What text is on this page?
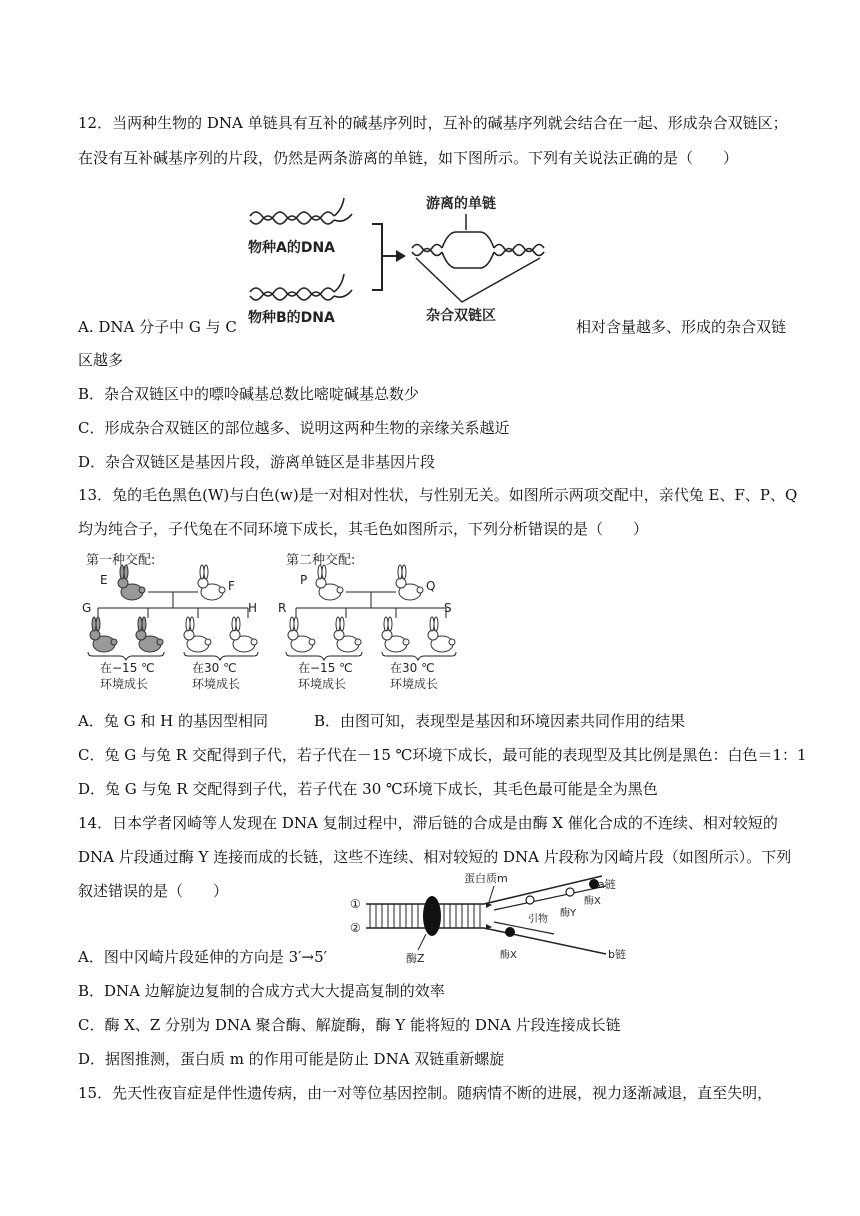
12．当两种生物的 DNA 单链具有互补的碱基序列时，互补的碱基序列就会结合在一起、形成杂合双链区；
在没有互补碱基序列的片段，仍然是两条游离的单链，如下图所示。下列有关说法正确的是（　　）
物种A的DNA
物种B的DNA
游离的单链
杂合双链区
A. DNA 分子中 G 与 C	相对含量越多、形成的杂合双链
区越多
B．杂合双链区中的嘌呤碱基总数比嘧啶碱基总数少
C．形成杂合双链区的部位越多、说明这两种生物的亲缘关系越近
D．杂合双链区是基因片段，游离单链区是非基因片段
13．兔的毛色黑色(W)与白色(w)是一对相对性状，与性别无关。如图所示两项交配中，亲代兔 E、F、P、Q
均为纯合子，子代兔在不同环境下成长，其毛色如图所示，下列分析错误的是（　　）
第一种交配:
E	F
G	H
在−15 ℃
环境成长
在30 ℃
环境成长
第二种交配:
P	Q
R	S
在−15 ℃
环境成长
在30 ℃
环境成长
A．兔 G 和 H 的基因型相同	B．由图可知，表现型是基因和环境因素共同作用的结果
C．兔 G 与兔 R 交配得到子代，若子代在－15 ℃环境下成长，最可能的表现型及其比例是黑色：白色＝1：1
D．兔 G 与兔 R 交配得到子代，若子代在 30 ℃环境下成长，其毛色最可能是全为黑色
14．日本学者冈崎等人发现在 DNA 复制过程中，滞后链的合成是由酶 X 催化合成的不连续、相对较短的
DNA 片段通过酶 Y 连接而成的长链，这些不连续、相对较短的 DNA 片段称为冈崎片段（如图所示）。下列
叙述错误的是（　　）
①
②
酶Z
蛋白质m	a链
酶X
酶Y
引物
酶X	b链
A．图中冈崎片段延伸的方向是 3′→5′
B．DNA 边解旋边复制的合成方式大大提高复制的效率
C．酶 X、Z 分别为 DNA 聚合酶、解旋酶，酶 Y 能将短的 DNA 片段连接成长链
D．据图推测，蛋白质 m 的作用可能是防止 DNA 双链重新螺旋
15．先天性夜盲症是伴性遗传病，由一对等位基因控制。随病情不断的进展，视力逐渐减退，直至失明，
